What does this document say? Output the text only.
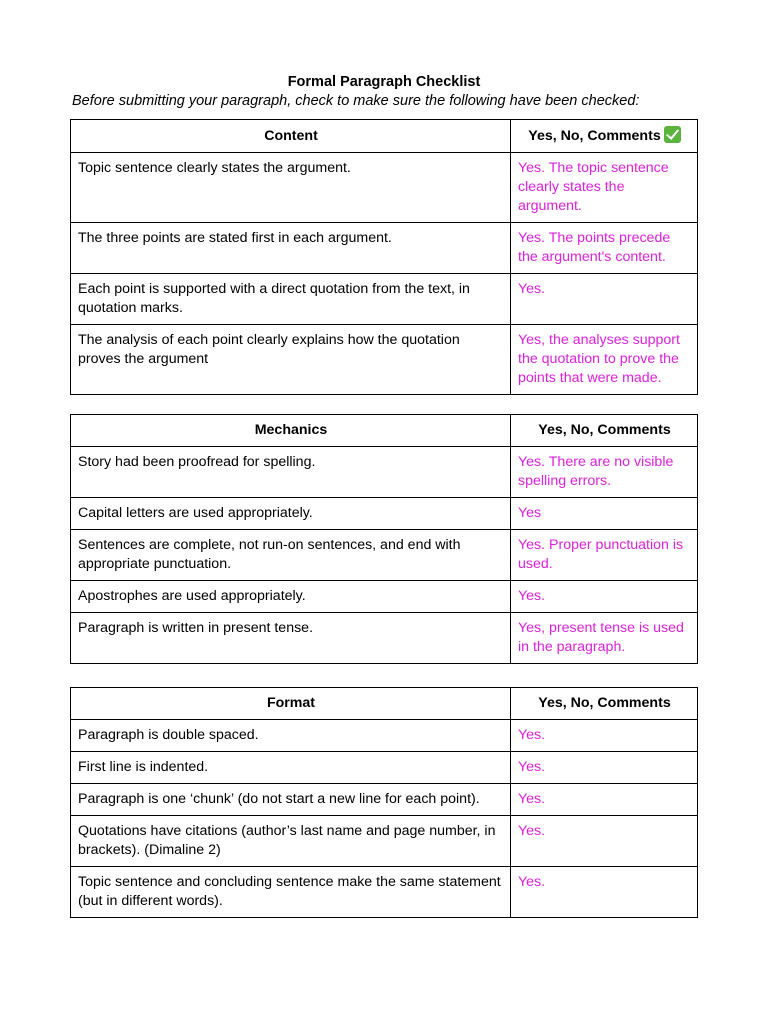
Formal Paragraph Checklist
Before submitting your paragraph, check to make sure the following have been checked:
Content	Yes, No, Comments
Topic sentence clearly states the argument.	Yes. The topic sentence clearly states the argument.
The three points are stated first in each argument.	Yes. The points precede the argument's content.
Each point is supported with a direct quotation from the text, in quotation marks.	Yes.
The analysis of each point clearly explains how the quotation proves the argument	Yes, the analyses support the quotation to prove the points that were made.
Mechanics	Yes, No, Comments
Story had been proofread for spelling.	Yes. There are no visible spelling errors.
Capital letters are used appropriately.	Yes
Sentences are complete, not run-on sentences, and end with appropriate punctuation.	Yes. Proper punctuation is used.
Apostrophes are used appropriately.	Yes.
Paragraph is written in present tense.	Yes, present tense is used in the paragraph.
Format	Yes, No, Comments
Paragraph is double spaced.	Yes.
First line is indented.	Yes.
Paragraph is one ‘chunk’ (do not start a new line for each point).	Yes.
Quotations have citations (author’s last name and page number, in brackets). (Dimaline 2)	Yes.
Topic sentence and concluding sentence make the same statement (but in different words).	Yes.
